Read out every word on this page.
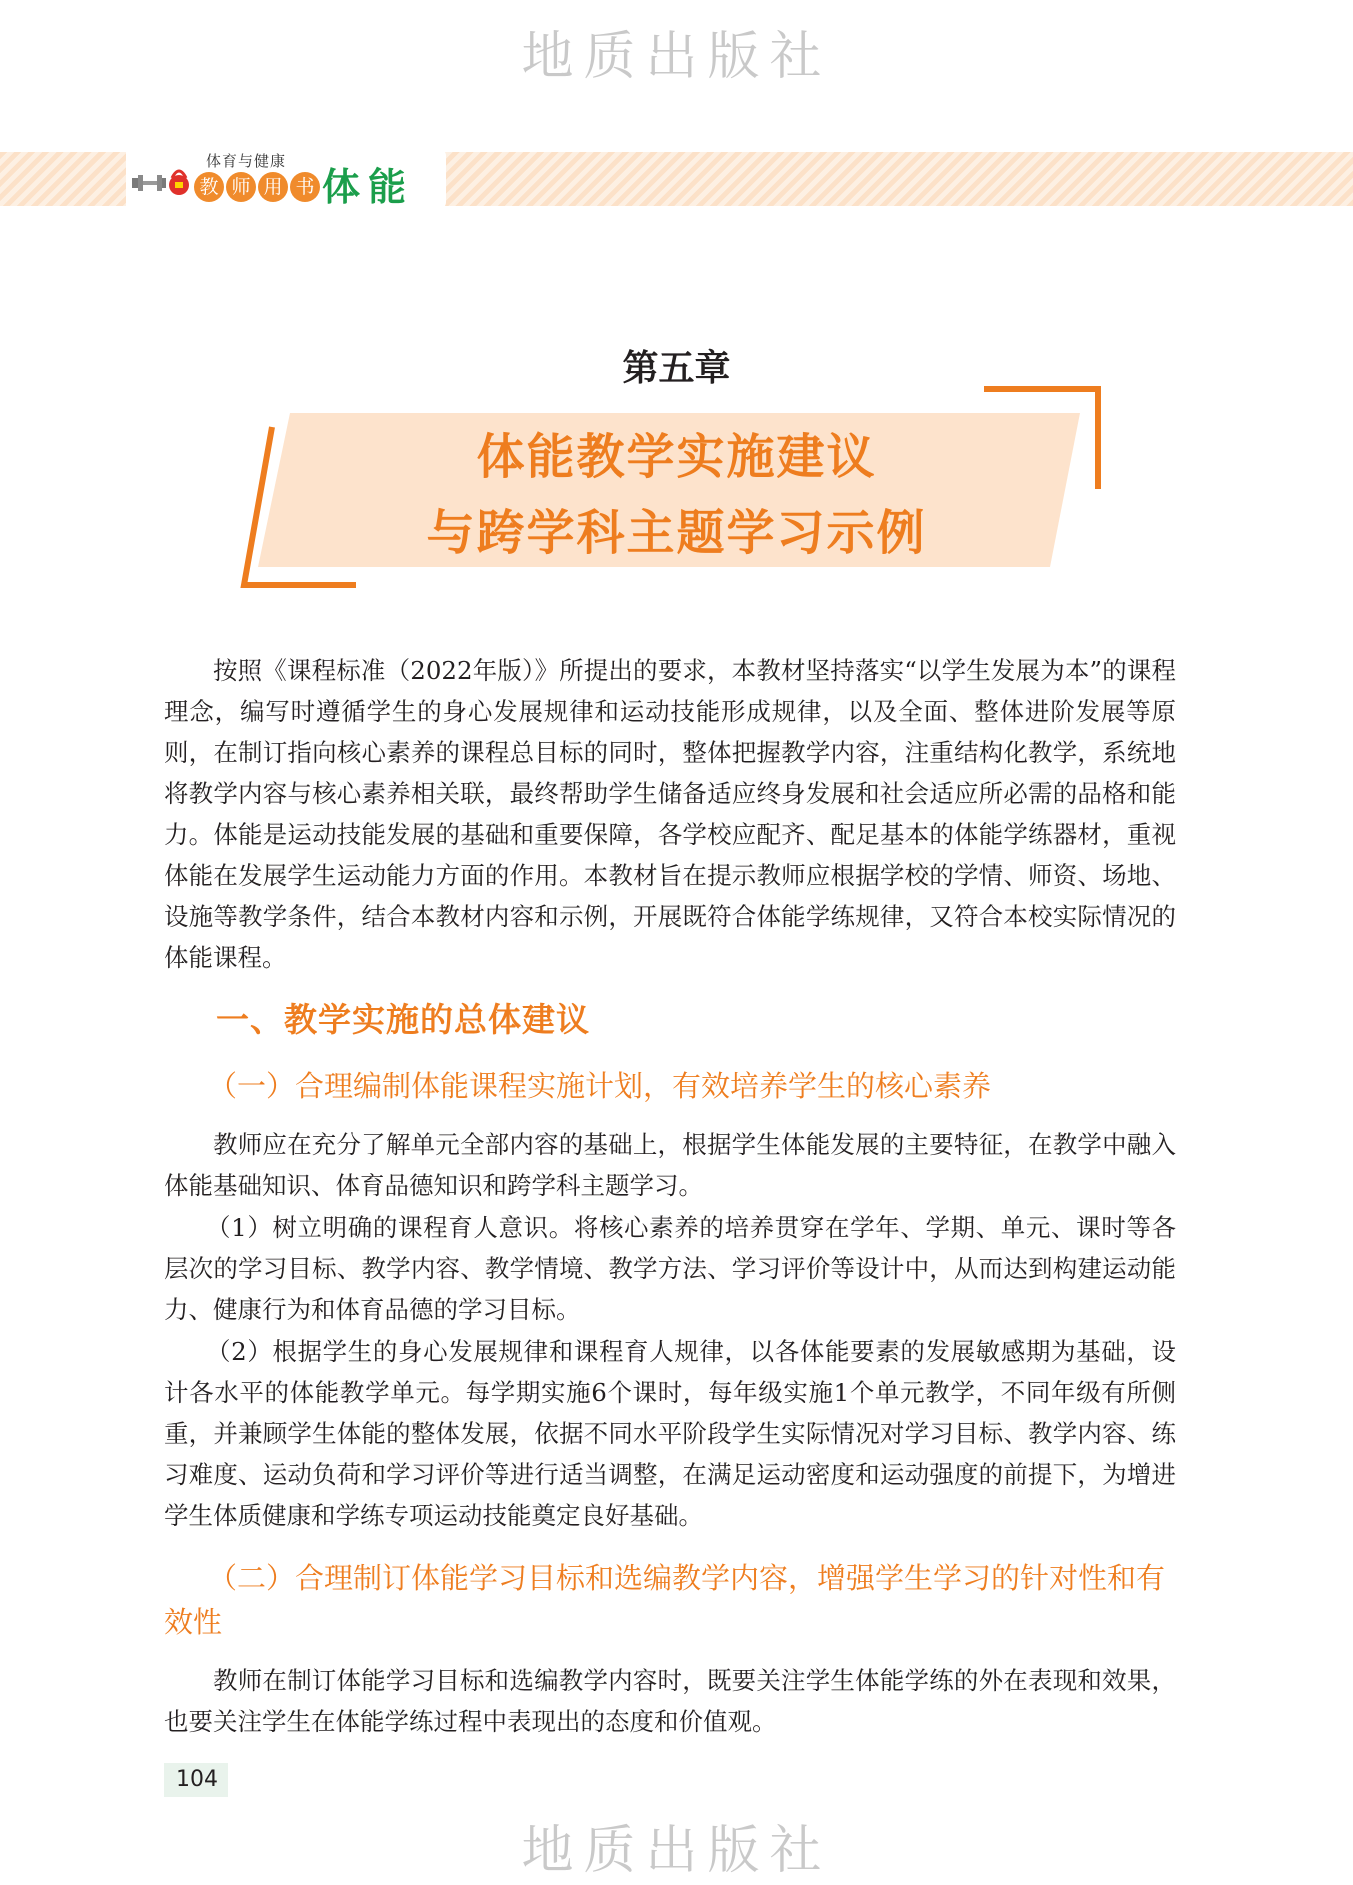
地质出版社
体育与健康
教 师 用 书 体能
第五章
体能教学实施建议
与跨学科主题学习示例

按照《课程标准（2022年版）》所提出的要求，本教材坚持落实“以学生发展为本”的课程理念，编写时遵循学生的身心发展规律和运动技能形成规律，以及全面、整体进阶发展等原则，在制订指向核心素养的课程总目标的同时，整体把握教学内容，注重结构化教学，系统地将教学内容与核心素养相关联，最终帮助学生储备适应终身发展和社会适应所必需的品格和能力。体能是运动技能发展的基础和重要保障，各学校应配齐、配足基本的体能学练器材，重视体能在发展学生运动能力方面的作用。本教材旨在提示教师应根据学校的学情、师资、场地、设施等教学条件，结合本教材内容和示例，开展既符合体能学练规律，又符合本校实际情况的体能课程。

一、教学实施的总体建议
（一）合理编制体能课程实施计划，有效培养学生的核心素养

教师应在充分了解单元全部内容的基础上，根据学生体能发展的主要特征，在教学中融入体能基础知识、体育品德知识和跨学科主题学习。

（1）树立明确的课程育人意识。将核心素养的培养贯穿在学年、学期、单元、课时等各层次的学习目标、教学内容、教学情境、教学方法、学习评价等设计中，从而达到构建运动能力、健康行为和体育品德的学习目标。

（2）根据学生的身心发展规律和课程育人规律，以各体能要素的发展敏感期为基础，设计各水平的体能教学单元。每学期实施6个课时，每年级实施1个单元教学，不同年级有所侧重，并兼顾学生体能的整体发展，依据不同水平阶段学生实际情况对学习目标、教学内容、练习难度、运动负荷和学习评价等进行适当调整，在满足运动密度和运动强度的前提下，为增进学生体质健康和学练专项运动技能奠定良好基础。

（二）合理制订体能学习目标和选编教学内容，增强学生学习的针对性和有效性

教师在制订体能学习目标和选编教学内容时，既要关注学生体能学练的外在表现和效果，也要关注学生在体能学练过程中表现出的态度和价值观。

104
地质出版社
